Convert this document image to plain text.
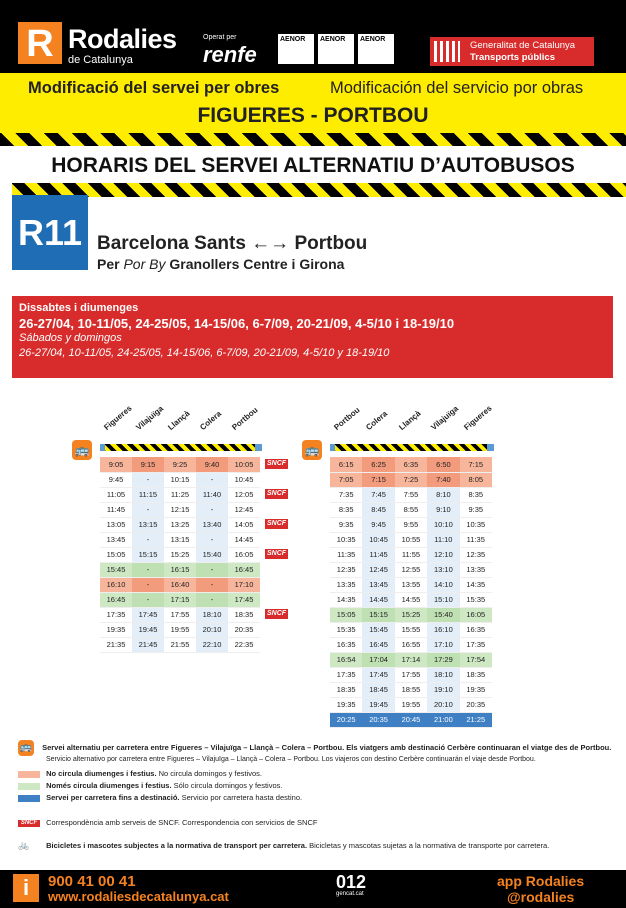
R Rodalies
de Catalunya
Operat per
renfe
AENOR	AENOR	AENOR
Generalitat de Catalunya
Transports públics
Modificació del servei per obres	Modificación del servicio por obras
FIGUERES - PORTBOU
HORARIS DEL SERVEI ALTERNATIU D’AUTOBUSOS
R11 Barcelona Sants ←→ Portbou
Per Por By Granollers Centre i Girona
Dissabtes i diumenges
26-27/04, 10-11/05, 24-25/05, 14-15/06, 6-7/09, 20-21/09, 4-5/10 i 18-19/10
Sábados y domingos
26-27/04, 10-11/05, 24-25/05, 14-15/06, 6-7/09, 20-21/09, 4-5/10 y 18-19/10
🚌
Figueres Vilajuïga Llançà Colera Portbou
9:05	9:15	9:25	9:40	10:05
9:45	-	10:15	-	10:45
11:05	11:15	11:25	11:40	12:05
11:45	-	12:15	-	12:45
13:05	13:15	13:25	13:40	14:05
13:45	-	13:15	-	14:45
15:05	15:15	15:25	15:40	16:05
15:45	-	16:15	-	16:45
16:10	-	16:40	-	17:10
16:45	-	17:15	-	17:45
17:35	17:45	17:55	18:10	18:35
19:35	19:45	19:55	20:10	20:35
21:35	21:45	21:55	22:10	22:35
SNCF
SNCF
SNCF
SNCF
SNCF
🚌
Portbou Colera Llançà Vilajuïga Figueres
6:15	6:25	6:35	6:50	7:15
7:05	7:15	7:25	7:40	8:05
7:35	7:45	7:55	8:10	8:35
8:35	8:45	8:55	9:10	9:35
9:35	9:45	9:55	10:10	10:35
10:35	10:45	10:55	11:10	11:35
11:35	11:45	11:55	12:10	12:35
12:35	12:45	12:55	13:10	13:35
13:35	13:45	13:55	14:10	14:35
14:35	14:45	14:55	15:10	15:35
15:05	15:15	15:25	15:40	16:05
15:35	15:45	15:55	16:10	16:35
16:35	16:45	16:55	17:10	17:35
16:54	17:04	17:14	17:29	17:54
17:35	17:45	17:55	18:10	18:35
18:35	18:45	18:55	19:10	19:35
19:35	19:45	19:55	20:10	20:35
20:25	20:35	20:45	21:00	21:25
🚌 Servei alternatiu per carretera entre Figueres – Vilajuïga – Llançà – Colera – Portbou. Els viatgers amb destinació Cerbère continuaran el viatge des de Portbou.
Servicio alternativo por carretera entre Figueres – Vilajuïga – Llançà – Colera – Portbou. Los viajeros con destino Cerbère continuarán el viaje desde Portbou.
No circula diumenges i festius. No circula domingos y festivos.
Només circula diumenges i festius. Sólo circula domingos y festivos.
Servei per carretera fins a destinació. Servicio por carretera hasta destino.
SNCF Correspondència amb serveis de SNCF. Correspondencia con servicios de SNCF
🚲 Bicicletes i mascotes subjectes a la normativa de transport per carretera. Bicicletas y mascotas sujetas a la normativa de transporte por carretera.
i	900 41 00 41
www.rodaliesdecatalunya.cat
012
gencat.cat
app Rodalies
@rodalies
